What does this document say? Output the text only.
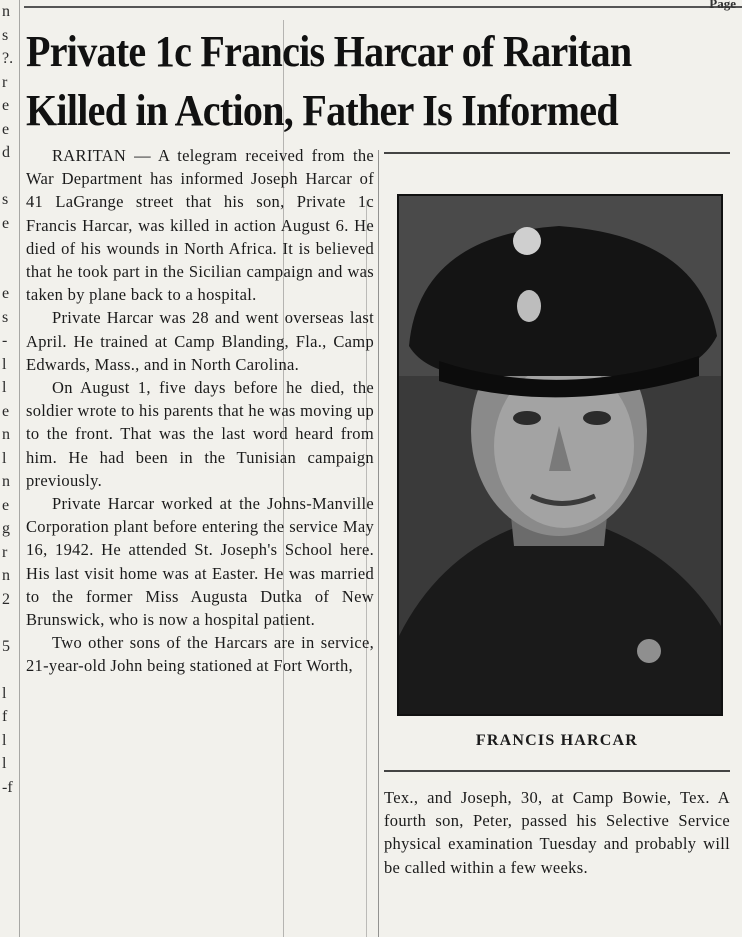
Page
n
s
?.
r
e
e
d
s
e
e
s
-
l
l
e
n
l
n
e
g
r
n
2
5
l
f
l
l
-f
Private 1c Francis Harcar of Raritan
Killed in Action, Father Is Informed

RARITAN — A telegram received from the War Department has informed Joseph Harcar of 41 LaGrange street that his son, Private 1c Francis Harcar, was killed in action August 6. He died of his wounds in North Africa. It is believed that he took part in the Sicilian campaign and was taken by plane back to a hospital.

Private Harcar was 28 and went overseas last April. He trained at Camp Blanding, Fla., Camp Edwards, Mass., and in North Carolina.

On August 1, five days before he died, the soldier wrote to his parents that he was moving up to the front. That was the last word heard from him. He had been in the Tunisian campaign previously.

Private Harcar worked at the Johns-Manville Corporation plant before entering the service May 16, 1942. He attended St. Joseph's School here. His last visit home was at Easter. He was married to the former Miss Augusta Dutka of New Brunswick, who is now a hospital patient.

Two other sons of the Harcars are in service, 21-year-old John being stationed at Fort Worth,

FRANCIS HARCAR

Tex., and Joseph, 30, at Camp Bowie, Tex. A fourth son, Peter, passed his Selective Service physical examination Tuesday and probably will be called within a few weeks.
